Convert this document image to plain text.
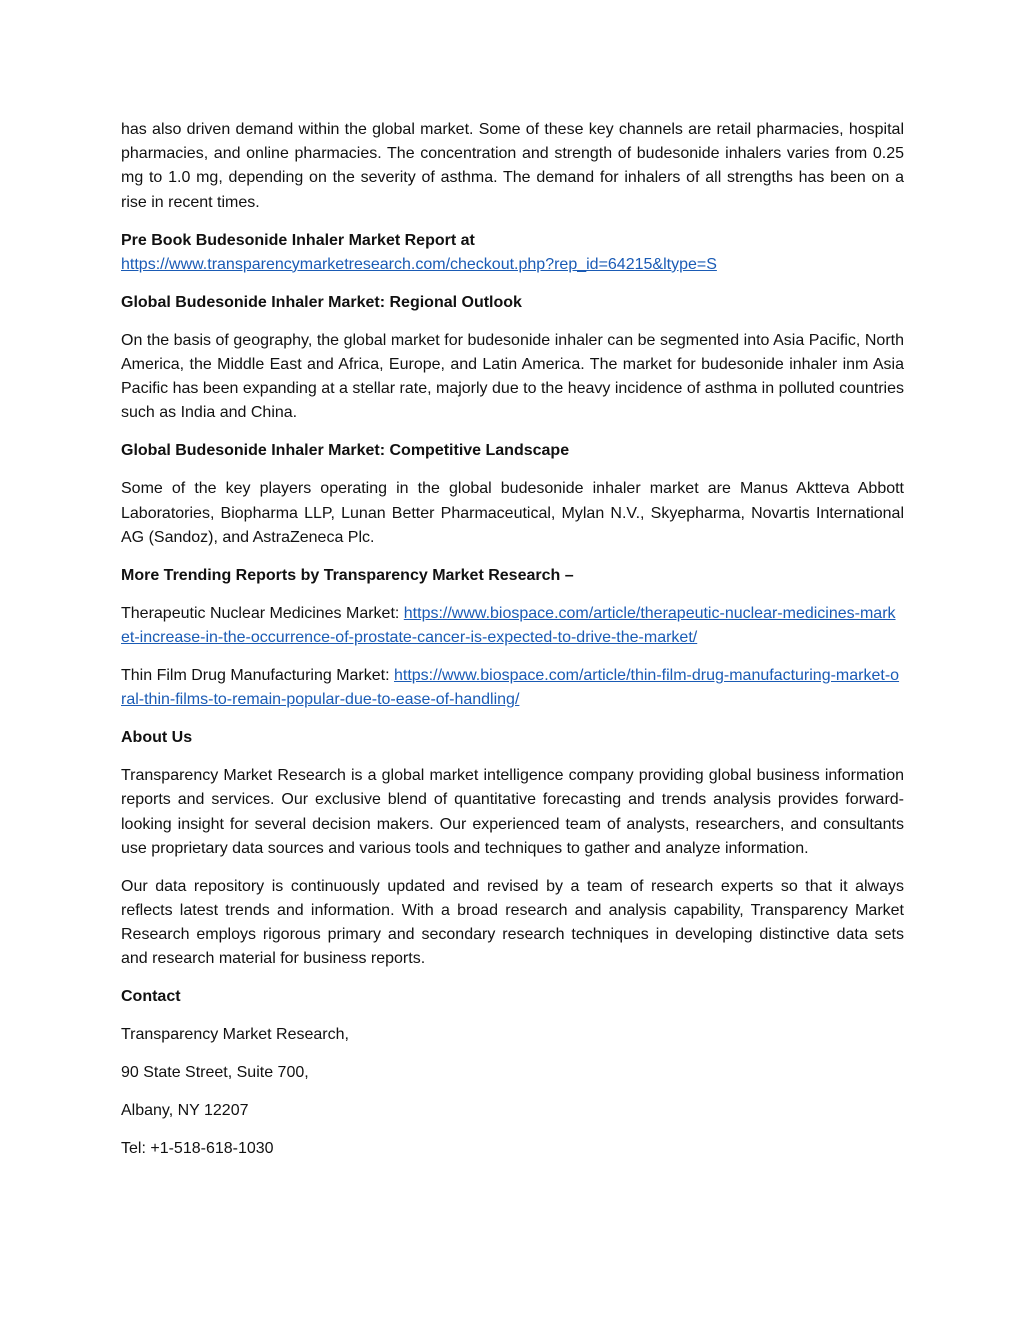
has also driven demand within the global market. Some of these key channels are retail pharmacies, hospital pharmacies, and online pharmacies. The concentration and strength of budesonide inhalers varies from 0.25 mg to 1.0 mg, depending on the severity of asthma. The demand for inhalers of all strengths has been on a rise in recent times.

Pre Book Budesonide Inhaler Market Report at

https://www.transparencymarketresearch.com/checkout.php?rep_id=64215&ltype=S

Global Budesonide Inhaler Market: Regional Outlook

On the basis of geography, the global market for budesonide inhaler can be segmented into Asia Pacific, North America, the Middle East and Africa, Europe, and Latin America. The market for budesonide inhaler inm Asia Pacific has been expanding at a stellar rate, majorly due to the heavy incidence of asthma in polluted countries such as India and China.

Global Budesonide Inhaler Market: Competitive Landscape

Some of the key players operating in the global budesonide inhaler market are Manus Aktteva Abbott Laboratories, Biopharma LLP, Lunan Better Pharmaceutical, Mylan N.V., Skyepharma, Novartis International AG (Sandoz), and AstraZeneca Plc.

More Trending Reports by Transparency Market Research –

Therapeutic Nuclear Medicines Market: https://www.biospace.com/article/therapeutic-nuclear-medicines-market-increase-in-the-occurrence-of-prostate-cancer-is-expected-to-drive-the-market/

Thin Film Drug Manufacturing Market: https://www.biospace.com/article/thin-film-drug-manufacturing-market-oral-thin-films-to-remain-popular-due-to-ease-of-handling/

About Us

Transparency Market Research is a global market intelligence company providing global business information reports and services. Our exclusive blend of quantitative forecasting and trends analysis provides forward-looking insight for several decision makers. Our experienced team of analysts, researchers, and consultants use proprietary data sources and various tools and techniques to gather and analyze information.

Our data repository is continuously updated and revised by a team of research experts so that it always reflects latest trends and information. With a broad research and analysis capability, Transparency Market Research employs rigorous primary and secondary research techniques in developing distinctive data sets and research material for business reports.

Contact

Transparency Market Research,

90 State Street, Suite 700,

Albany, NY 12207

Tel: +1-518-618-1030
